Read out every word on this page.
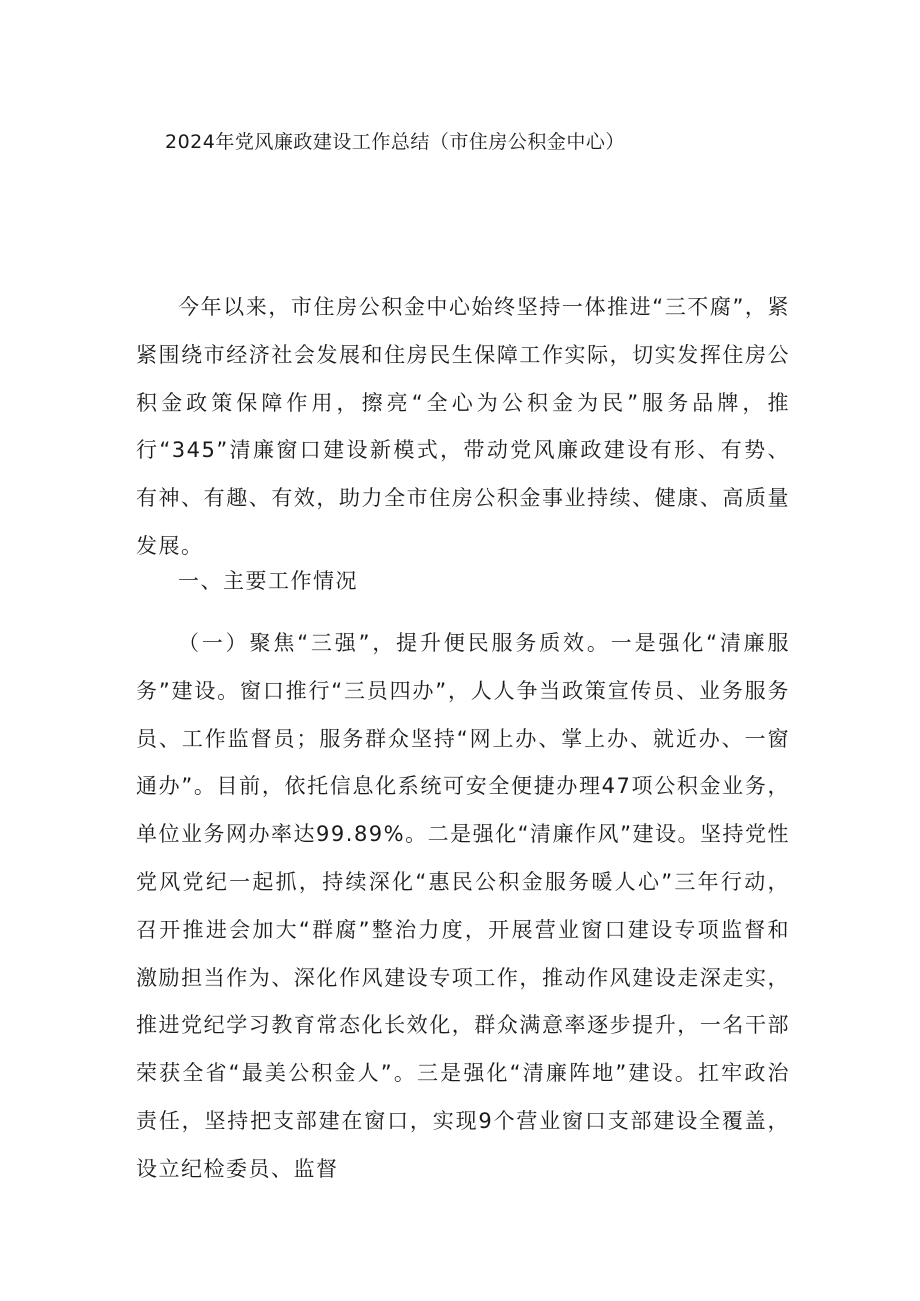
2024年党风廉政建设工作总结（市住房公积金中心）

今年以来，市住房公积金中心始终坚持一体推进“三不腐”，紧紧围绕市经济社会发展和住房民生保障工作实际，切实发挥住房公积金政策保障作用，擦亮“全心为公积金为民”服务品牌，推行“345”清廉窗口建设新模式，带动党风廉政建设有形、有势、有神、有趣、有效，助力全市住房公积金事业持续、健康、高质量发展。

一、主要工作情况

（一）聚焦“三强”，提升便民服务质效。一是强化“清廉服务”建设。窗口推行“三员四办”，人人争当政策宣传员、业务服务员、工作监督员；服务群众坚持“网上办、掌上办、就近办、一窗通办”。目前，依托信息化系统可安全便捷办理47项公积金业务，单位业务网办率达99.89%。二是强化“清廉作风”建设。坚持党性党风党纪一起抓，持续深化“惠民公积金服务暖人心”三年行动，召开推进会加大“群腐”整治力度，开展营业窗口建设专项监督和激励担当作为、深化作风建设专项工作，推动作风建设走深走实，推进党纪学习教育常态化长效化，群众满意率逐步提升，一名干部荣获全省“最美公积金人”。三是强化“清廉阵地”建设。扛牢政治责任，坚持把支部建在窗口，实现9个营业窗口支部建设全覆盖，设立纪检委员、监督
